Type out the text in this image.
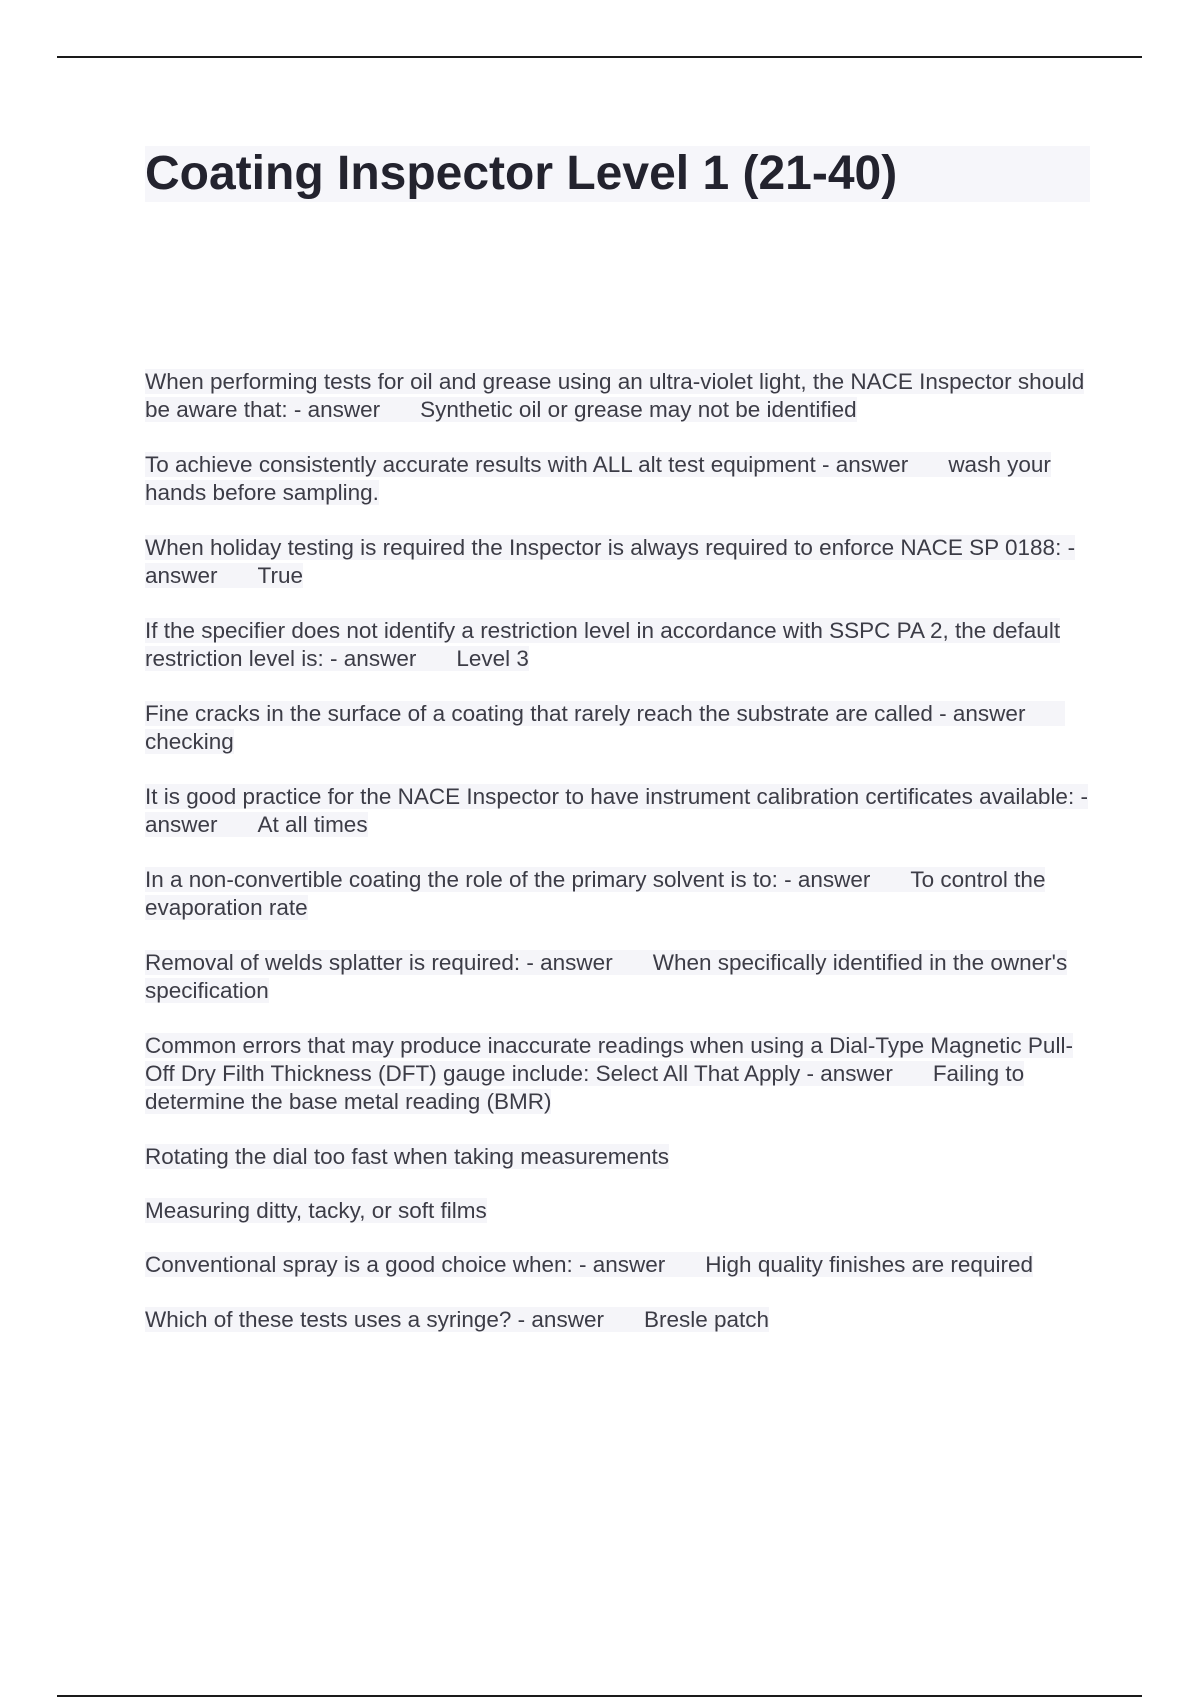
Coating Inspector Level 1 (21-40)

When performing tests for oil and grease using an ultra-violet light, the NACE Inspector should be aware that: - answer Synthetic oil or grease may not be identified

To achieve consistently accurate results with ALL alt test equipment - answer wash your hands before sampling.

When holiday testing is required the Inspector is always required to enforce NACE SP 0188: - answer True

If the specifier does not identify a restriction level in accordance with SSPC PA 2, the default restriction level is: - answer Level 3

Fine cracks in the surface of a coating that rarely reach the substrate are called - answerchecking

It is good practice for the NACE Inspector to have instrument calibration certificates available: - answer At all times

In a non-convertible coating the role of the primary solvent is to: - answer To control the evaporation rate

Removal of welds splatter is required: - answer When specifically identified in the owner's specification

Common errors that may produce inaccurate readings when using a Dial-Type Magnetic Pull-Off Dry Filth Thickness (DFT) gauge include: Select All That Apply - answer Failing to determine the base metal reading (BMR)

Rotating the dial too fast when taking measurements

Measuring ditty, tacky, or soft films

Conventional spray is a good choice when: - answer High quality finishes are required

Which of these tests uses a syringe? - answer Bresle patch
